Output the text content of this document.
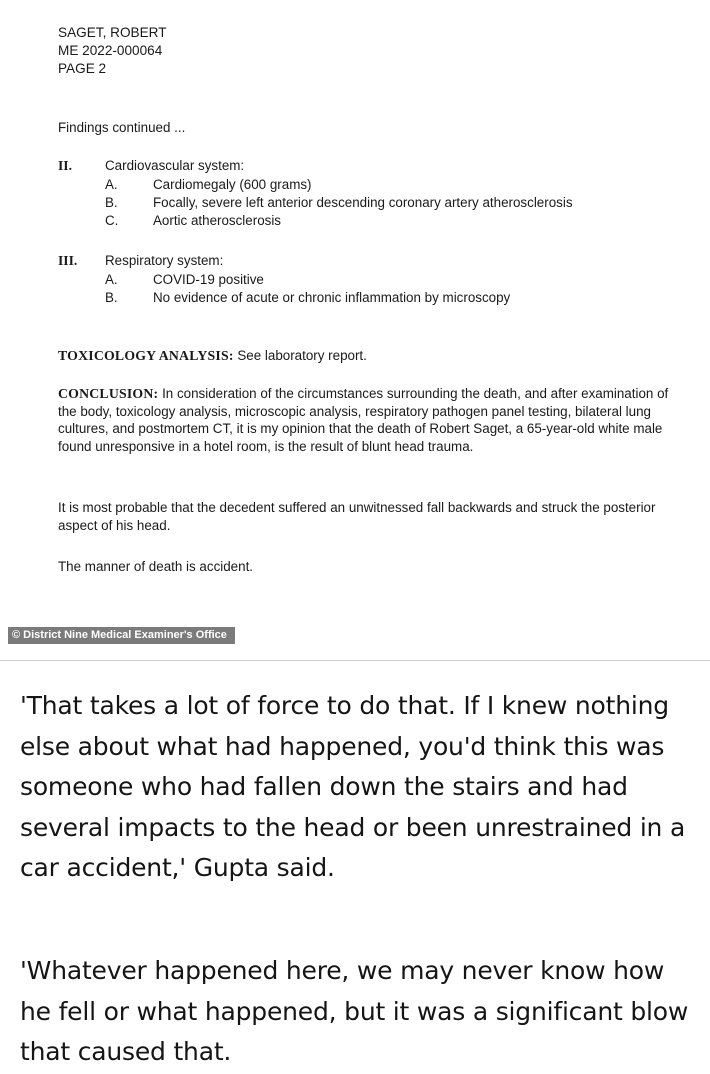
SAGET, ROBERT
ME 2022-000064
PAGE 2
Findings continued ...
II. Cardiovascular system:
A.	Cardiomegaly (600 grams)
B.	Focally, severe left anterior descending coronary artery atherosclerosis
C.	Aortic atherosclerosis
III. Respiratory system:
A.	COVID-19 positive
B.	No evidence of acute or chronic inflammation by microscopy
TOXICOLOGY ANALYSIS: See laboratory report.
CONCLUSION: In consideration of the circumstances surrounding the death, and after examination of the body, toxicology analysis, microscopic analysis, respiratory pathogen panel testing, bilateral lung cultures, and postmortem CT, it is my opinion that the death of Robert Saget, a 65-year-old white male found unresponsive in a hotel room, is the result of blunt head trauma.
It is most probable that the decedent suffered an unwitnessed fall backwards and struck the posterior aspect of his head.
The manner of death is accident.
© District Nine Medical Examiner's Office
'That takes a lot of force to do that. If I knew nothing else about what had happened, you'd think this was someone who had fallen down the stairs and had several impacts to the head or been unrestrained in a car accident,' Gupta said.
'Whatever happened here, we may never know how he fell or what happened, but it was a significant blow that caused that.
